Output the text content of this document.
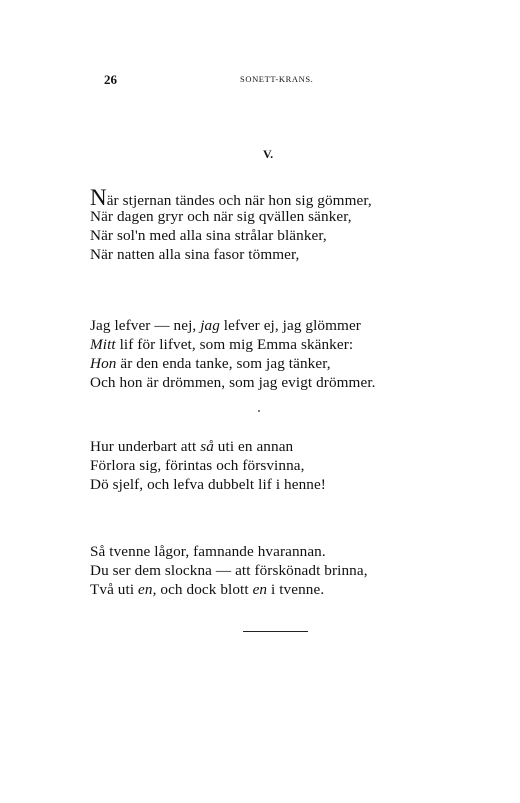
26	SONETT-KRANS.
V.
När stjernan tändes och när hon sig gömmer,
När dagen gryr och när sig qvällen sänker,
När sol'n med alla sina strålar blänker,
När natten alla sina fasor tömmer,
Jag lefver — nej, jag lefver ej, jag glömmer
Mitt lif för lifvet, som mig Emma skänker:
Hon är den enda tanke, som jag tänker,
Och hon är drömmen, som jag evigt drömmer.
Hur underbart att så uti en annan
Förlora sig, förintas och försvinna,
Dö sjelf, och lefva dubbelt lif i henne!
Så tvenne lågor, famnande hvarannan.
Du ser dem slockna — att förskönadt brinna,
Två uti en, och dock blott en i tvenne.
